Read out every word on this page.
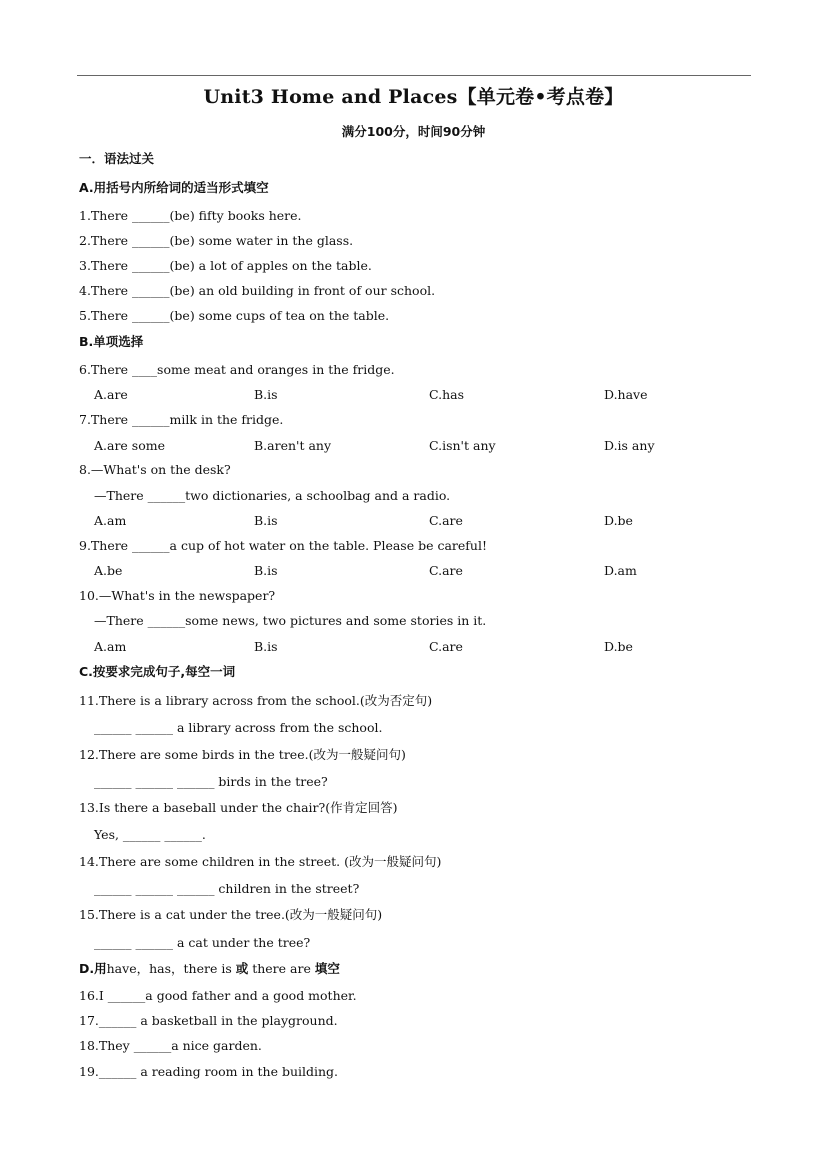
Unit3 Home and Places【单元卷•考点卷】
满分100分，时间90分钟
一．语法过关
A.用括号内所给词的适当形式填空
1.There ______(be) fifty books here.
2.There ______(be) some water in the glass.
3.There ______(be) a lot of apples on the table.
4.There ______(be) an old building in front of our school.
5.There ______(be) some cups of tea on the table.
B.单项选择
6.There ____some meat and oranges in the fridge.
A.are	B.is	C.has	D.have
7.There ______milk in the fridge.
A.are some	B.aren't any	C.isn't any	D.is any
8.—What's on the desk?
—There ______two dictionaries, a schoolbag and a radio.
A.am	B.is	C.are	D.be
9.There ______a cup of hot water on the table. Please be careful!
A.be	B.is	C.are	D.am
10.—What's in the newspaper?
—There ______some news, two pictures and some stories in it.
A.am	B.is	C.are	D.be
C.按要求完成句子,每空一词
11.There is a library across from the school.(改为否定句)
______ ______ a library across from the school.
12.There are some birds in the tree.(改为一般疑问句)
______ ______ ______ birds in the tree?
13.Is there a baseball under the chair?(作肯定回答)
Yes, ______ ______.
14.There are some children in the street. (改为一般疑问句)
______ ______ ______ children in the street?
15.There is a cat under the tree.(改为一般疑问句)
______ ______ a cat under the tree?
D.用have，has，there is 或 there are 填空
16.I ______a good father and a good mother.
17.______ a basketball in the playground.
18.They ______a nice garden.
19.______ a reading room in the building.
